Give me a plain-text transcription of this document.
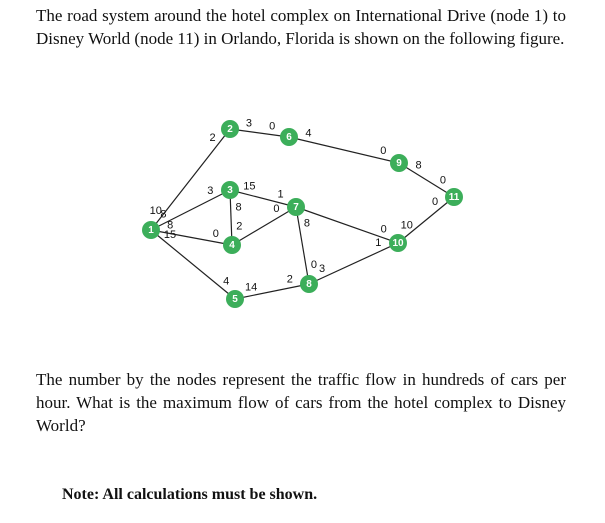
The road system around the hotel complex on International Drive (node 1) to Disney World (node 11) in Orlando, Florida is shown on the following figure.

10
2
8
3
8
0
15
4
3 0
15
1
8
2
0
14
2
4
0
8
0 3
1
8
0
0 10
0
1
2
3
4
5
6
7
8
9
10
11

The number by the nodes represent the traffic flow in hundreds of cars per hour. What is the maximum flow of cars from the hotel complex to Disney World?

Note: All calculations must be shown.
